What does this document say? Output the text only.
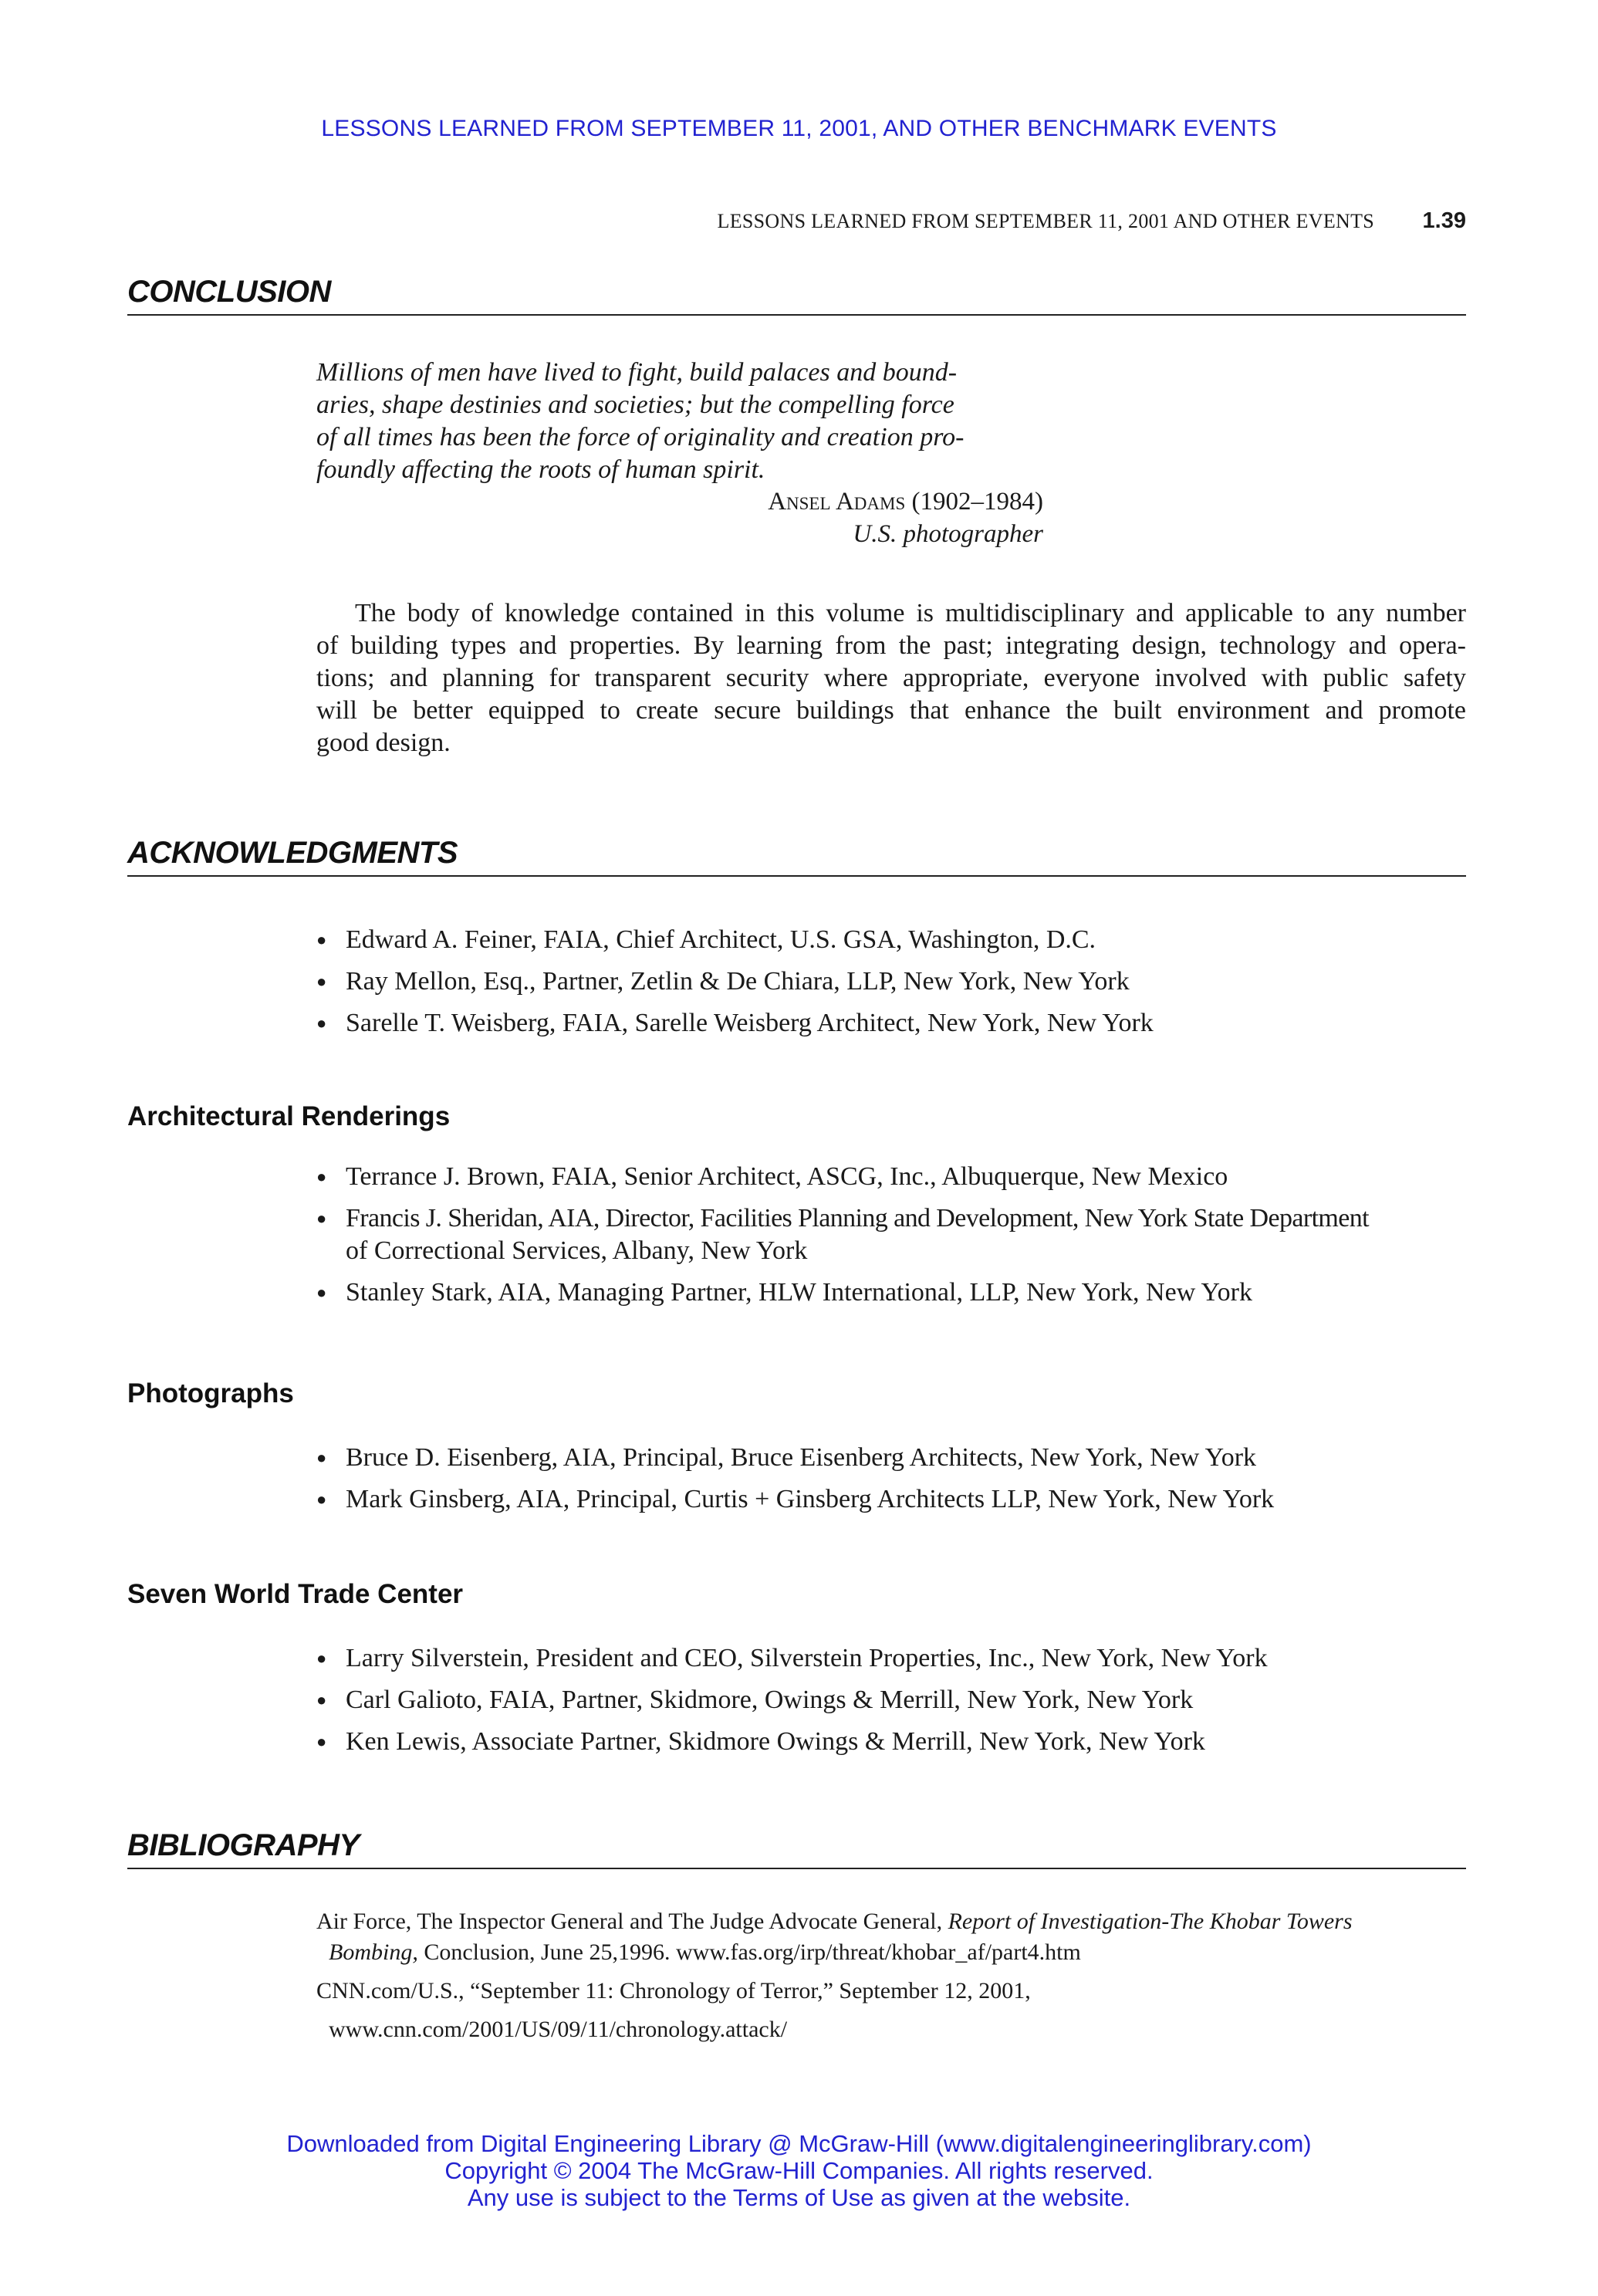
LESSONS LEARNED FROM SEPTEMBER 11, 2001, AND OTHER BENCHMARK EVENTS
LESSONS LEARNED FROM SEPTEMBER 11, 2001 AND OTHER EVENTS 1.39
CONCLUSION
Millions of men have lived to fight, build palaces and bound-
aries, shape destinies and societies; but the compelling force
of all times has been the force of originality and creation pro-
foundly affecting the roots of human spirit.
Ansel Adams (1902–1984)
U.S. photographer
The body of knowledge contained in this volume is multidisciplinary and applicable to any number
of building types and properties. By learning from the past; integrating design, technology and opera-
tions; and planning for transparent security where appropriate, everyone involved with public safety
will be better equipped to create secure buildings that enhance the built environment and promote
good design.
ACKNOWLEDGMENTS
● Edward A. Feiner, FAIA, Chief Architect, U.S. GSA, Washington, D.C.
● Ray Mellon, Esq., Partner, Zetlin & De Chiara, LLP, New York, New York
● Sarelle T. Weisberg, FAIA, Sarelle Weisberg Architect, New York, New York
Architectural Renderings
● Terrance J. Brown, FAIA, Senior Architect, ASCG, Inc., Albuquerque, New Mexico
● Francis J. Sheridan, AIA, Director, Facilities Planning and Development, New York State Department
of Correctional Services, Albany, New York
● Stanley Stark, AIA, Managing Partner, HLW International, LLP, New York, New York
Photographs
● Bruce D. Eisenberg, AIA, Principal, Bruce Eisenberg Architects, New York, New York
● Mark Ginsberg, AIA, Principal, Curtis + Ginsberg Architects LLP, New York, New York
Seven World Trade Center
● Larry Silverstein, President and CEO, Silverstein Properties, Inc., New York, New York
● Carl Galioto, FAIA, Partner, Skidmore, Owings & Merrill, New York, New York
● Ken Lewis, Associate Partner, Skidmore Owings & Merrill, New York, New York
BIBLIOGRAPHY
Air Force, The Inspector General and The Judge Advocate General, Report of Investigation-The Khobar Towers
Bombing, Conclusion, June 25,1996. www.fas.org/irp/threat/khobar_af/part4.htm
CNN.com/U.S., “September 11: Chronology of Terror,” September 12, 2001,
www.cnn.com/2001/US/09/11/chronology.attack/
Downloaded from Digital Engineering Library @ McGraw-Hill (www.digitalengineeringlibrary.com)
Copyright © 2004 The McGraw-Hill Companies. All rights reserved.
Any use is subject to the Terms of Use as given at the website.
